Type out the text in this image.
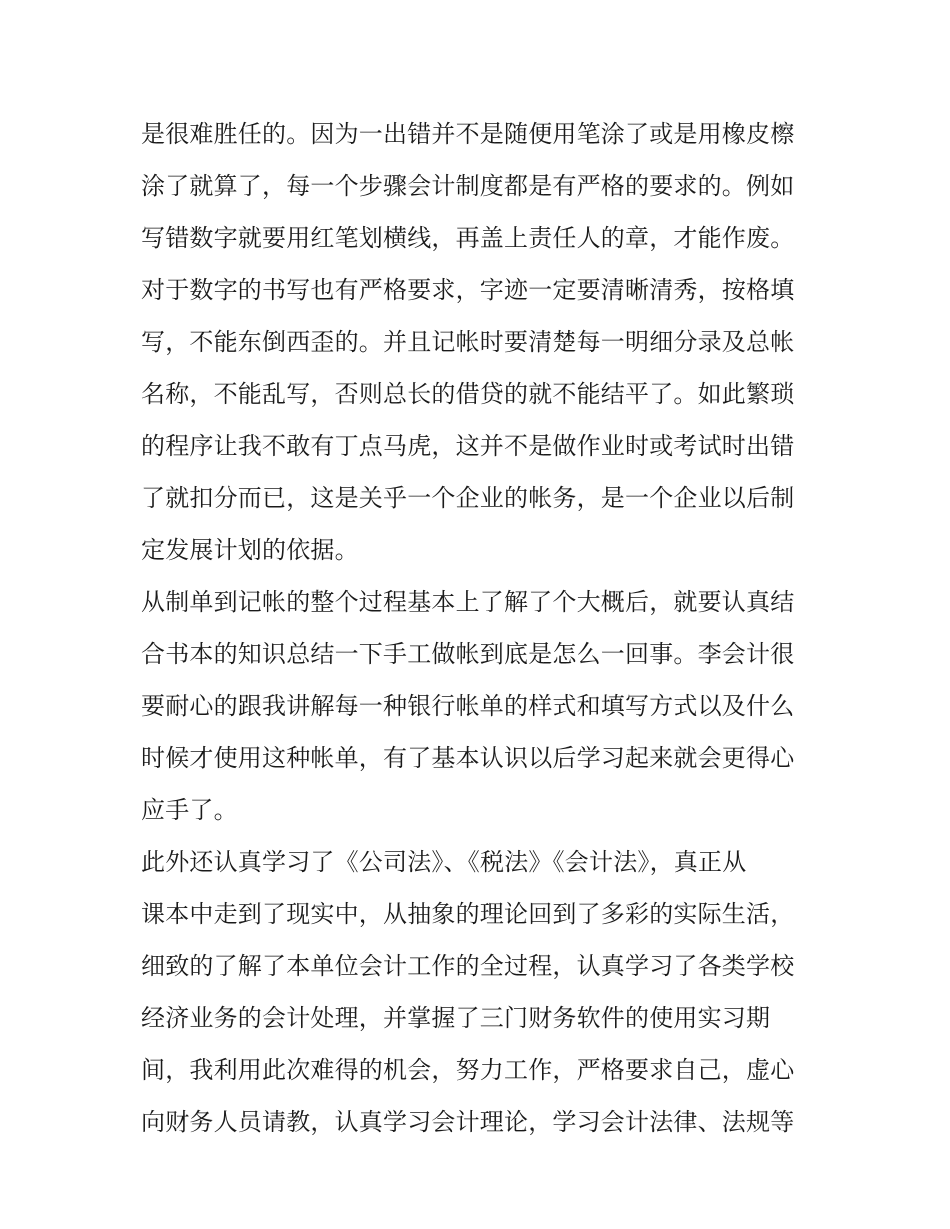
是很难胜任的。因为一出错并不是随便用笔涂了或是用橡皮檫
涂了就算了，每一个步骤会计制度都是有严格的要求的。例如
写错数字就要用红笔划横线，再盖上责任人的章，才能作废。
对于数字的书写也有严格要求，字迹一定要清晰清秀，按格填
写，不能东倒西歪的。并且记帐时要清楚每一明细分录及总帐
名称，不能乱写，否则总长的借贷的就不能结平了。如此繁琐
的程序让我不敢有丁点马虎，这并不是做作业时或考试时出错
了就扣分而已，这是关乎一个企业的帐务，是一个企业以后制
定发展计划的依据。
从制单到记帐的整个过程基本上了解了个大概后，就要认真结
合书本的知识总结一下手工做帐到底是怎么一回事。李会计很
要耐心的跟我讲解每一种银行帐单的样式和填写方式以及什么
时候才使用这种帐单，有了基本认识以后学习起来就会更得心
应手了。
此外还认真学习了《公司法》、《税法》《会计法》，真正从
课本中走到了现实中，从抽象的理论回到了多彩的实际生活，
细致的了解了本单位会计工作的全过程，认真学习了各类学校
经济业务的会计处理，并掌握了三门财务软件的使用实习期
间，我利用此次难得的机会，努力工作，严格要求自己，虚心
向财务人员请教，认真学习会计理论，学习会计法律、法规等
